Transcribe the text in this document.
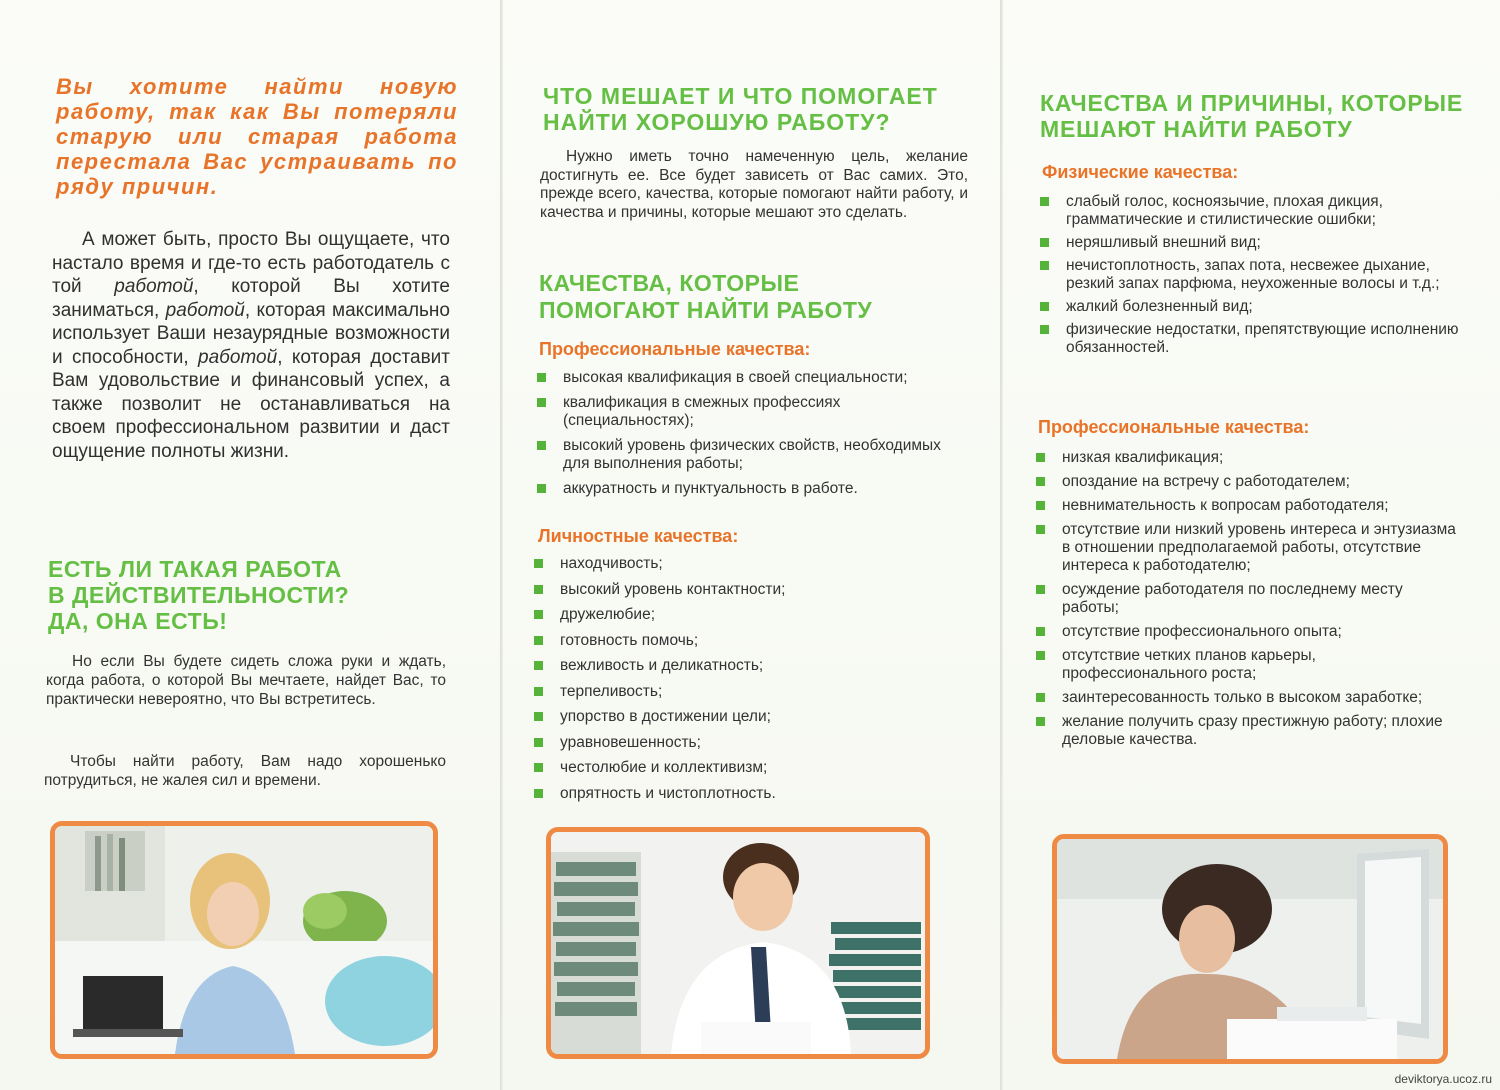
Вы хотите найти новую работу, так как Вы потеряли старую или старая работа перестала Вас устраивать по ряду причин.
А может быть, просто Вы ощущаете, что настало время и где-то есть работодатель с той работой, которой Вы хотите заниматься, работой, которая максимально использует Ваши незаурядные возможности и способности, работой, которая доставит Вам удовольствие и финансовый успех, а также позволит не останавливаться на своем профессиональном развитии и даст ощущение полноты жизни.
ЕСТЬ ЛИ ТАКАЯ РАБОТА
В ДЕЙСТВИТЕЛЬНОСТИ?
ДА, ОНА ЕСТЬ!
Но если Вы будете сидеть сложа руки и ждать, когда работа, о которой Вы мечтаете, найдет Вас, то практически невероятно, что Вы встретитесь.
Чтобы найти работу, Вам надо хорошенько потрудиться, не жалея сил и времени.
ЧТО МЕШАЕТ И ЧТО ПОМОГАЕТ
НАЙТИ ХОРОШУЮ РАБОТУ?
Нужно иметь точно намеченную цель, желание достигнуть ее. Все будет зависеть от Вас самих. Это, прежде всего, качества, которые помогают найти работу, и качества и причины, которые мешают это сделать.
КАЧЕСТВА, КОТОРЫЕ
ПОМОГАЮТ НАЙТИ РАБОТУ
Профессиональные качества:
высокая квалификация в своей специальности;
квалификация в смежных профессиях (специальностях);
высокий уровень физических свойств, необходимых для выполнения работы;
аккуратность и пунктуальность в работе.
Личностные качества:
находчивость;
высокий уровень контактности;
дружелюбие;
готовность помочь;
вежливость и деликатность;
терпеливость;
упорство в достижении цели;
уравновешенность;
честолюбие и коллективизм;
опрятность и чистоплотность.
КАЧЕСТВА И ПРИЧИНЫ, КОТОРЫЕ
МЕШАЮТ НАЙТИ РАБОТУ
Физические качества:
слабый голос, косноязычие, плохая дикция, грамматические и стилистические ошибки;
неряшливый внешний вид;
нечистоплотность, запах пота, несвежее дыхание, резкий запах парфюма, неухоженные волосы и т.д.;
жалкий болезненный вид;
физические недостатки, препятствующие исполнению обязанностей.
Профессиональные качества:
низкая квалификация;
опоздание на встречу с работодателем;
невнимательность к вопросам работодателя;
отсутствие или низкий уровень интереса и энтузиазма в отношении предполагаемой работы, отсутствие интереса к работодателю;
осуждение работодателя по последнему месту работы;
отсутствие профессионального опыта;
отсутствие четких планов карьеры, профессионального роста;
заинтересованность только в высоком заработке;
желание получить сразу престижную работу; плохие деловые качества.
deviktorya.ucoz.ru
